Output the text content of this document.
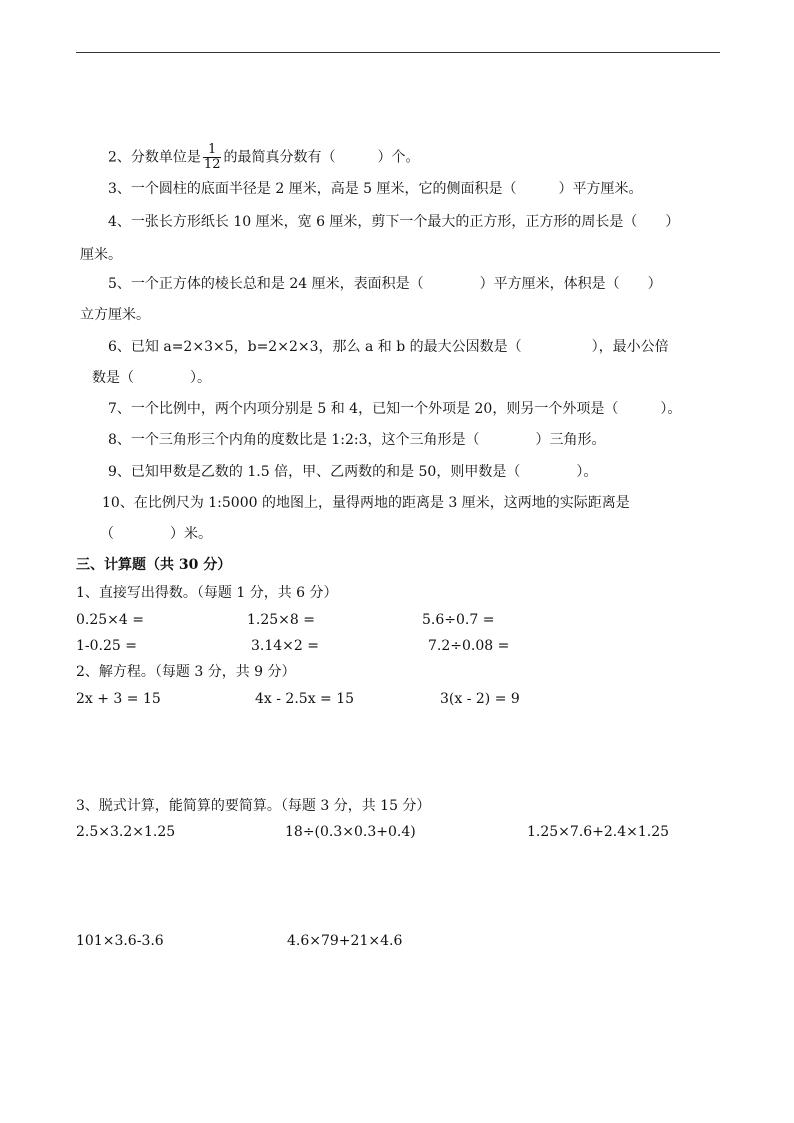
2、分数单位是 $\frac{1}{12}$ 的最简真分数有（　　　）个。
3、一个圆柱的底面半径是 2 厘米，高是 5 厘米，它的侧面积是（　　　）平方厘米。
4、一张长方形纸长 10 厘米，宽 6 厘米，剪下一个最大的正方形，正方形的周长是（　　）
厘米。
5、一个正方体的棱长总和是 24 厘米，表面积是（　　　　）平方厘米，体积是（　　）
立方厘米。
6、已知 a=2×3×5，b=2×2×3，那么 a 和 b 的最大公因数是（　　　　　），最小公倍
数是（　　　　）。
7、一个比例中，两个内项分别是 5 和 4，已知一个外项是 20，则另一个外项是（　　　）。
8、一个三角形三个内角的度数比是 1:2:3，这个三角形是（　　　　）三角形。
9、已知甲数是乙数的 1.5 倍，甲、乙两数的和是 50，则甲数是（　　　　）。
10、在比例尺为 1:5000 的地图上，量得两地的距离是 3 厘米，这两地的实际距离是
（　　　　）米。
三、计算题（共 30 分）
1、直接写出得数。（每题 1 分，共 6 分）
0.25×4 =	1.25×8 =	5.6÷0.7 =
1-0.25 =	3.14×2 =	7.2÷0.08 =
2、解方程。（每题 3 分，共 9 分）
2x + 3 = 15	4x - 2.5x = 15	3(x - 2) = 9
3、脱式计算，能简算的要简算。（每题 3 分，共 15 分）
2.5×3.2×1.25	18÷(0.3×0.3+0.4)	1.25×7.6+2.4×1.25
101×3.6-3.6	4.6×79+21×4.6
